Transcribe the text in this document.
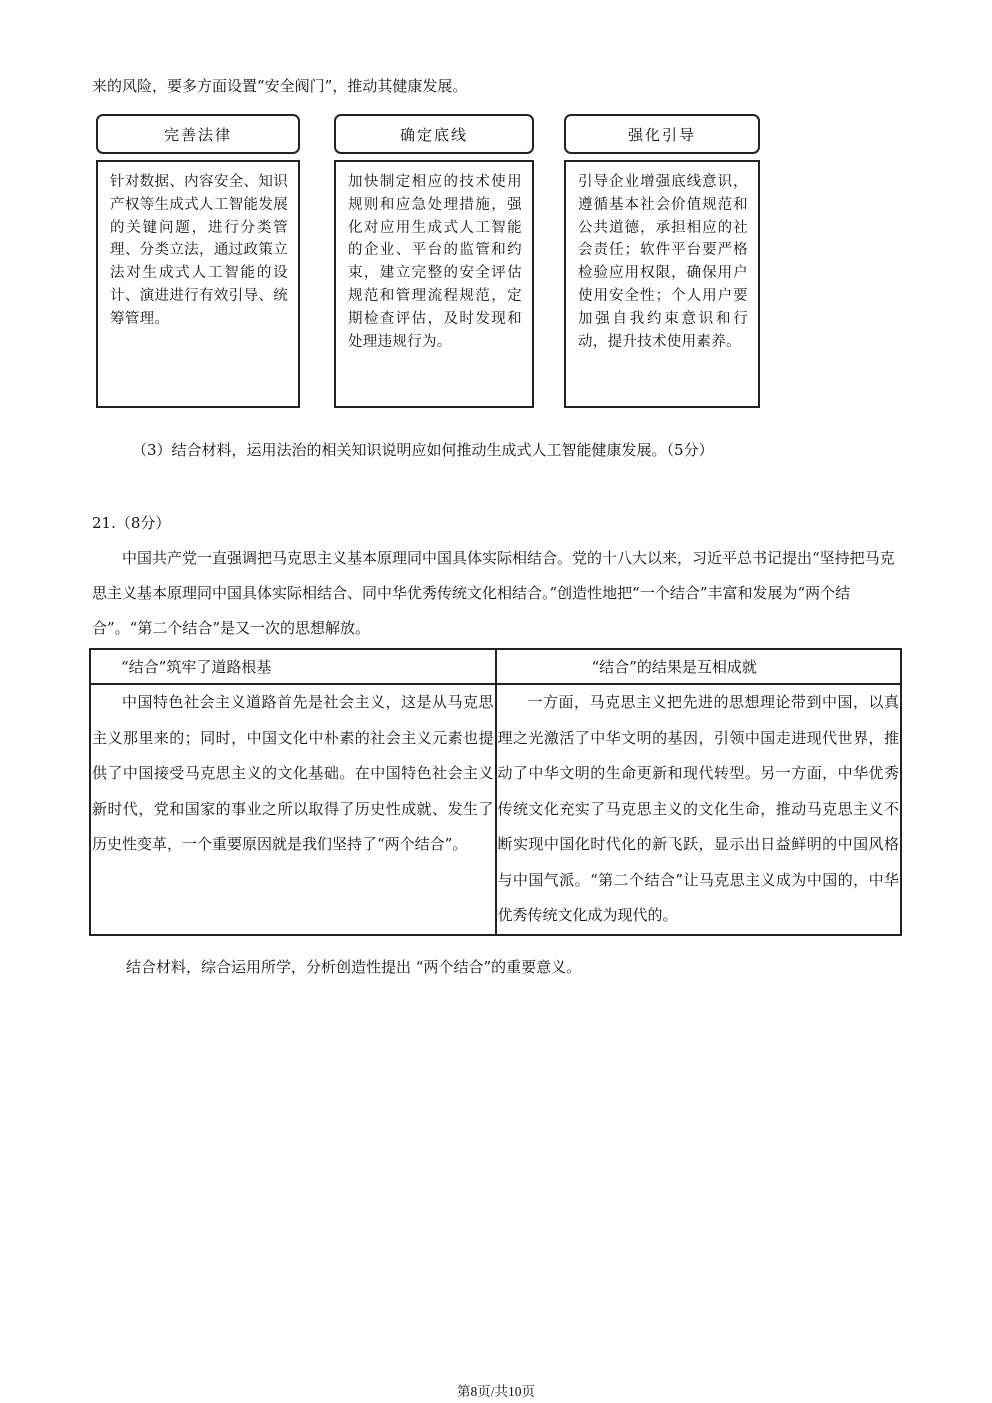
来的风险，要多方面设置“安全阀门”，推动其健康发展。
完善法律
针对数据、内容安全、知识产权等生成式人工智能发展的关键问题，进行分类管理、分类立法，通过政策立法对生成式人工智能的设计、演进进行有效引导、统筹管理。
确定底线
加快制定相应的技术使用规则和应急处理措施，强化对应用生成式人工智能的企业、平台的监管和约束，建立完整的安全评估规范和管理流程规范，定期检查评估，及时发现和处理违规行为。
强化引导
引导企业增强底线意识，遵循基本社会价值规范和公共道德，承担相应的社会责任；软件平台要严格检验应用权限，确保用户使用安全性；个人用户要加强自我约束意识和行动，提升技术使用素养。
（3）结合材料，运用法治的相关知识说明应如何推动生成式人工智能健康发展。（5分）
21.（8分）
中国共产党一直强调把马克思主义基本原理同中国具体实际相结合。党的十八大以来，习近平总书记提出“坚持把马克思主义基本原理同中国具体实际相结合、同中华优秀传统文化相结合。”创造性地把“一个结合”丰富和发展为“两个结合”。“第二个结合”是又一次的思想解放。
“结合”筑牢了道路根基	“结合”的结果是互相成就
中国特色社会主义道路首先是社会主义，这是从马克思主义那里来的；同时，中国文化中朴素的社会主义元素也提供了中国接受马克思主义的文化基础。在中国特色社会主义新时代，党和国家的事业之所以取得了历史性成就、发生了历史性变革，一个重要原因就是我们坚持了“两个结合”。	一方面，马克思主义把先进的思想理论带到中国，以真理之光激活了中华文明的基因，引领中国走进现代世界，推动了中华文明的生命更新和现代转型。另一方面，中华优秀传统文化充实了马克思主义的文化生命，推动马克思主义不断实现中国化时代化的新飞跃，显示出日益鲜明的中国风格与中国气派。“第二个结合”让马克思主义成为中国的，中华优秀传统文化成为现代的。
结合材料，综合运用所学，分析创造性提出 “两个结合”的重要意义。
第8页/共10页
